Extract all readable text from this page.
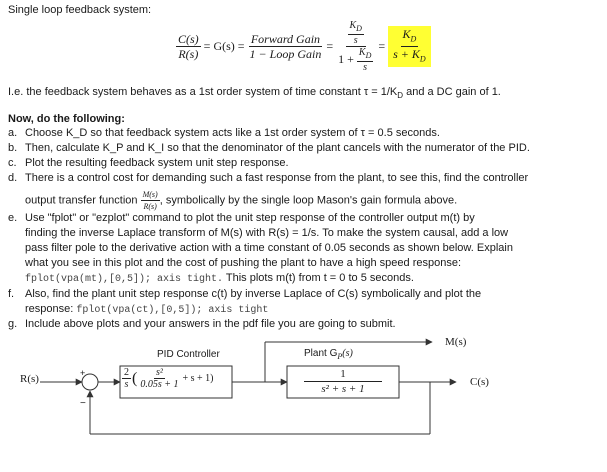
Single loop feedback system:
$\frac{C(s)}{R(s)} = G(s) = \frac{\text{Forward Gain}}{\text{1 − Loop Gain}} = \frac{\frac{K_D}{s}}{1 + \frac{K_D}{s}} = \frac{K_D}{s + K_D}$
I.e. the feedback system behaves as a 1st order system of time constant $\tau = 1/K_D$ and a DC gain of 1.
Now, do the following:
a. Choose K_D so that feedback system acts like a 1st order system of τ = 0.5 seconds.
b. Then, calculate K_P and K_I so that the denominator of the plant cancels with the numerator of the PID.
c. Plot the resulting feedback system unit step response.
d. There is a control cost for demanding such a fast response from the plant, to see this, find the controller
output transfer function $\frac{M(s)}{R(s)}$ , symbolically by the single loop Mason's gain formula above.
e. Use "fplot" or "ezplot" command to plot the unit step response of the controller output m(t) by
finding the inverse Laplace transform of M(s) with R(s) = 1/s. To make the system causal, add a low
pass filter pole to the derivative action with a time constant of 0.05 seconds as shown below. Explain
what you see in this plot and the cost of pushing the plant to have a high speed response:
fplot(vpa(mt),[0,5]); axis tight. This plots m(t) from t = 0 to 5 seconds.
f. Also, find the plant unit step response c(t) by inverse Laplace of C(s) symbolically and plot the
response: fplot(vpa(ct),[0,5]); axis tight
g. Include above plots and your answers in the pdf file you are going to submit.
PID Controller	Plant $G_P(s)$
R(s)	C(s)
M(s)
+
−
$\frac{2}{s}$ ( $\frac{\text{s²}}{0.05s + 1} + s + 1$)	$\frac{1}{\text{s² + s + 1}}$
